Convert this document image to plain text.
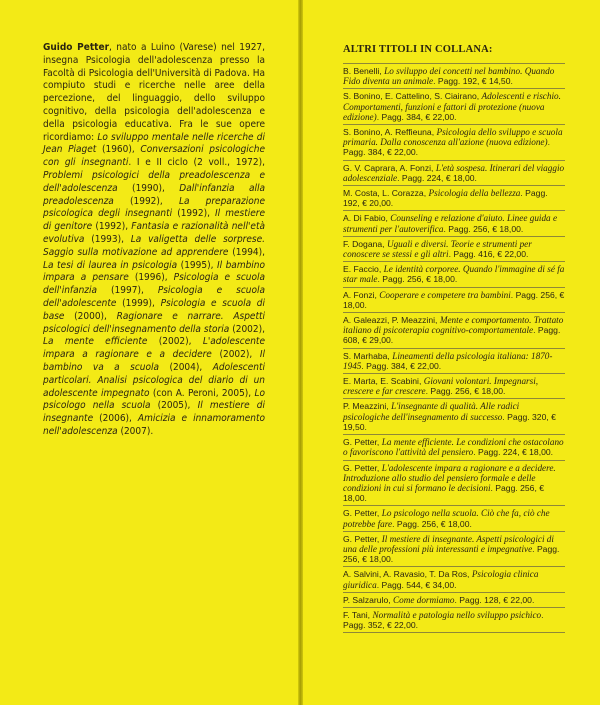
Guido Petter, nato a Luino (Varese) nel 1927, insegna Psicologia dell'adolescenza presso la Facoltà di Psicologia dell'Università di Padova. Ha compiuto studi e ricerche nelle aree della percezione, del linguaggio, dello sviluppo cognitivo, della psicologia dell'adolescenza e della psicologia educativa. Fra le sue opere ricordiamo: Lo sviluppo mentale nelle ricerche di Jean Piaget (1960), Conversazioni psicologiche con gli insegnanti. I e II ciclo (2 voll., 1972), Problemi psicologici della preadolescenza e dell'adolescenza (1990), Dall'infanzia alla preadolescenza (1992), La preparazione psicologica degli insegnanti (1992), Il mestiere di genitore (1992), Fantasia e razionalità nell'età evolutiva (1993), La valigetta delle sorprese. Saggio sulla motivazione ad apprendere (1994), La tesi di laurea in psicologia (1995), Il bambino impara a pensare (1996), Psicologia e scuola dell'infanzia (1997), Psicologia e scuola dell'adolescente (1999), Psicologia e scuola di base (2000), Ragionare e narrare. Aspetti psicologici dell'insegnamento della storia (2002), La mente efficiente (2002), L'adolescente impara a ragionare e a decidere (2002), Il bambino va a scuola (2004), Adolescenti particolari. Analisi psicologica del diario di un adolescente impegnato (con A. Peroni, 2005), Lo psicologo nella scuola (2005), Il mestiere di insegnante (2006), Amicizia e innamoramento nell'adolescenza (2007).

ALTRI TITOLI IN COLLANA:
B. Benelli, Lo sviluppo dei concetti nel bambino. Quando Fido diventa un animale. Pagg. 192, € 14,50.
S. Bonino, E. Cattelino, S. Ciairano, Adolescenti e rischio. Comportamenti, funzioni e fattori di protezione (nuova edizione). Pagg. 384, € 22,00.
S. Bonino, A. Reffieuna, Psicologia dello sviluppo e scuola primaria. Dalla conoscenza all'azione (nuova edizione). Pagg. 384, € 22,00.
G. V. Caprara, A. Fonzi, L'età sospesa. Itinerari del viaggio adolescenziale. Pagg. 224, € 18,00.
M. Costa, L. Corazza, Psicologia della bellezza. Pagg. 192, € 20,00.
A. Di Fabio, Counseling e relazione d'aiuto. Linee guida e strumenti per l'autoverifica. Pagg. 256, € 18,00.
F. Dogana, Uguali e diversi. Teorie e strumenti per conoscere se stessi e gli altri. Pagg. 416, € 22,00.
E. Faccio, Le identità corporee. Quando l'immagine di sé fa star male. Pagg. 256, € 18,00.
A. Fonzi, Cooperare e competere tra bambini. Pagg. 256, € 18,00.
A. Galeazzi, P. Meazzini, Mente e comportamento. Trattato italiano di psicoterapia cognitivo-comportamentale. Pagg. 608, € 29,00.
S. Marhaba, Lineamenti della psicologia italiana: 1870-1945. Pagg. 384, € 22,00.
E. Marta, E. Scabini, Giovani volontari. Impegnarsi, crescere e far crescere. Pagg. 256, € 18,00.
P. Meazzini, L'insegnante di qualità. Alle radici psicologiche dell'insegnamento di successo. Pagg. 320, € 19,50.
G. Petter, La mente efficiente. Le condizioni che ostacolano o favoriscono l'attività del pensiero. Pagg. 224, € 18,00.
G. Petter, L'adolescente impara a ragionare e a decidere. Introduzione allo studio del pensiero formale e delle condizioni in cui si formano le decisioni. Pagg. 256, € 18,00.
G. Petter, Lo psicologo nella scuola. Ciò che fa, ciò che potrebbe fare. Pagg. 256, € 18,00.
G. Petter, Il mestiere di insegnante. Aspetti psicologici di una delle professioni più interessanti e impegnative. Pagg. 256, € 18,00.
A. Salvini, A. Ravasio, T. Da Ros, Psicologia clinica giuridica. Pagg. 544, € 34,00.
P. Salzarulo, Come dormiamo. Pagg. 128, € 22,00.
F. Tani, Normalità e patologia nello sviluppo psichico. Pagg. 352, € 22,00.
